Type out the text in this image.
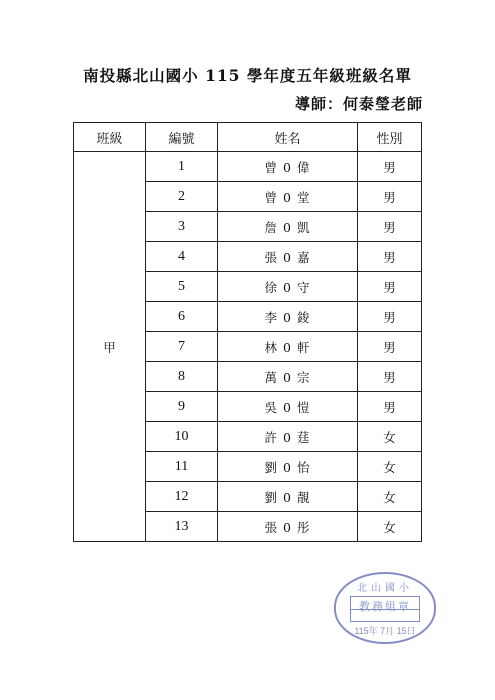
南投縣北山國小 115 學年度五年級班級名單
導師：何泰瑩老師
班級	編號	姓名	性別
甲	1	曾 0 偉	男
	2	曾 0 堂	男
	3	詹 0 凱	男
	4	張 0 嘉	男
	5	徐 0 守	男
	6	李 0 鋑	男
	7	林 0 軒	男
	8	萬 0 宗	男
	9	吳 0 愷	男
	10	許 0 莛	女
	11	劉 0 怡	女
	12	劉 0 靚	女
	13	張 0 彤	女
北山國小
教務組章
115年 7月 15日
